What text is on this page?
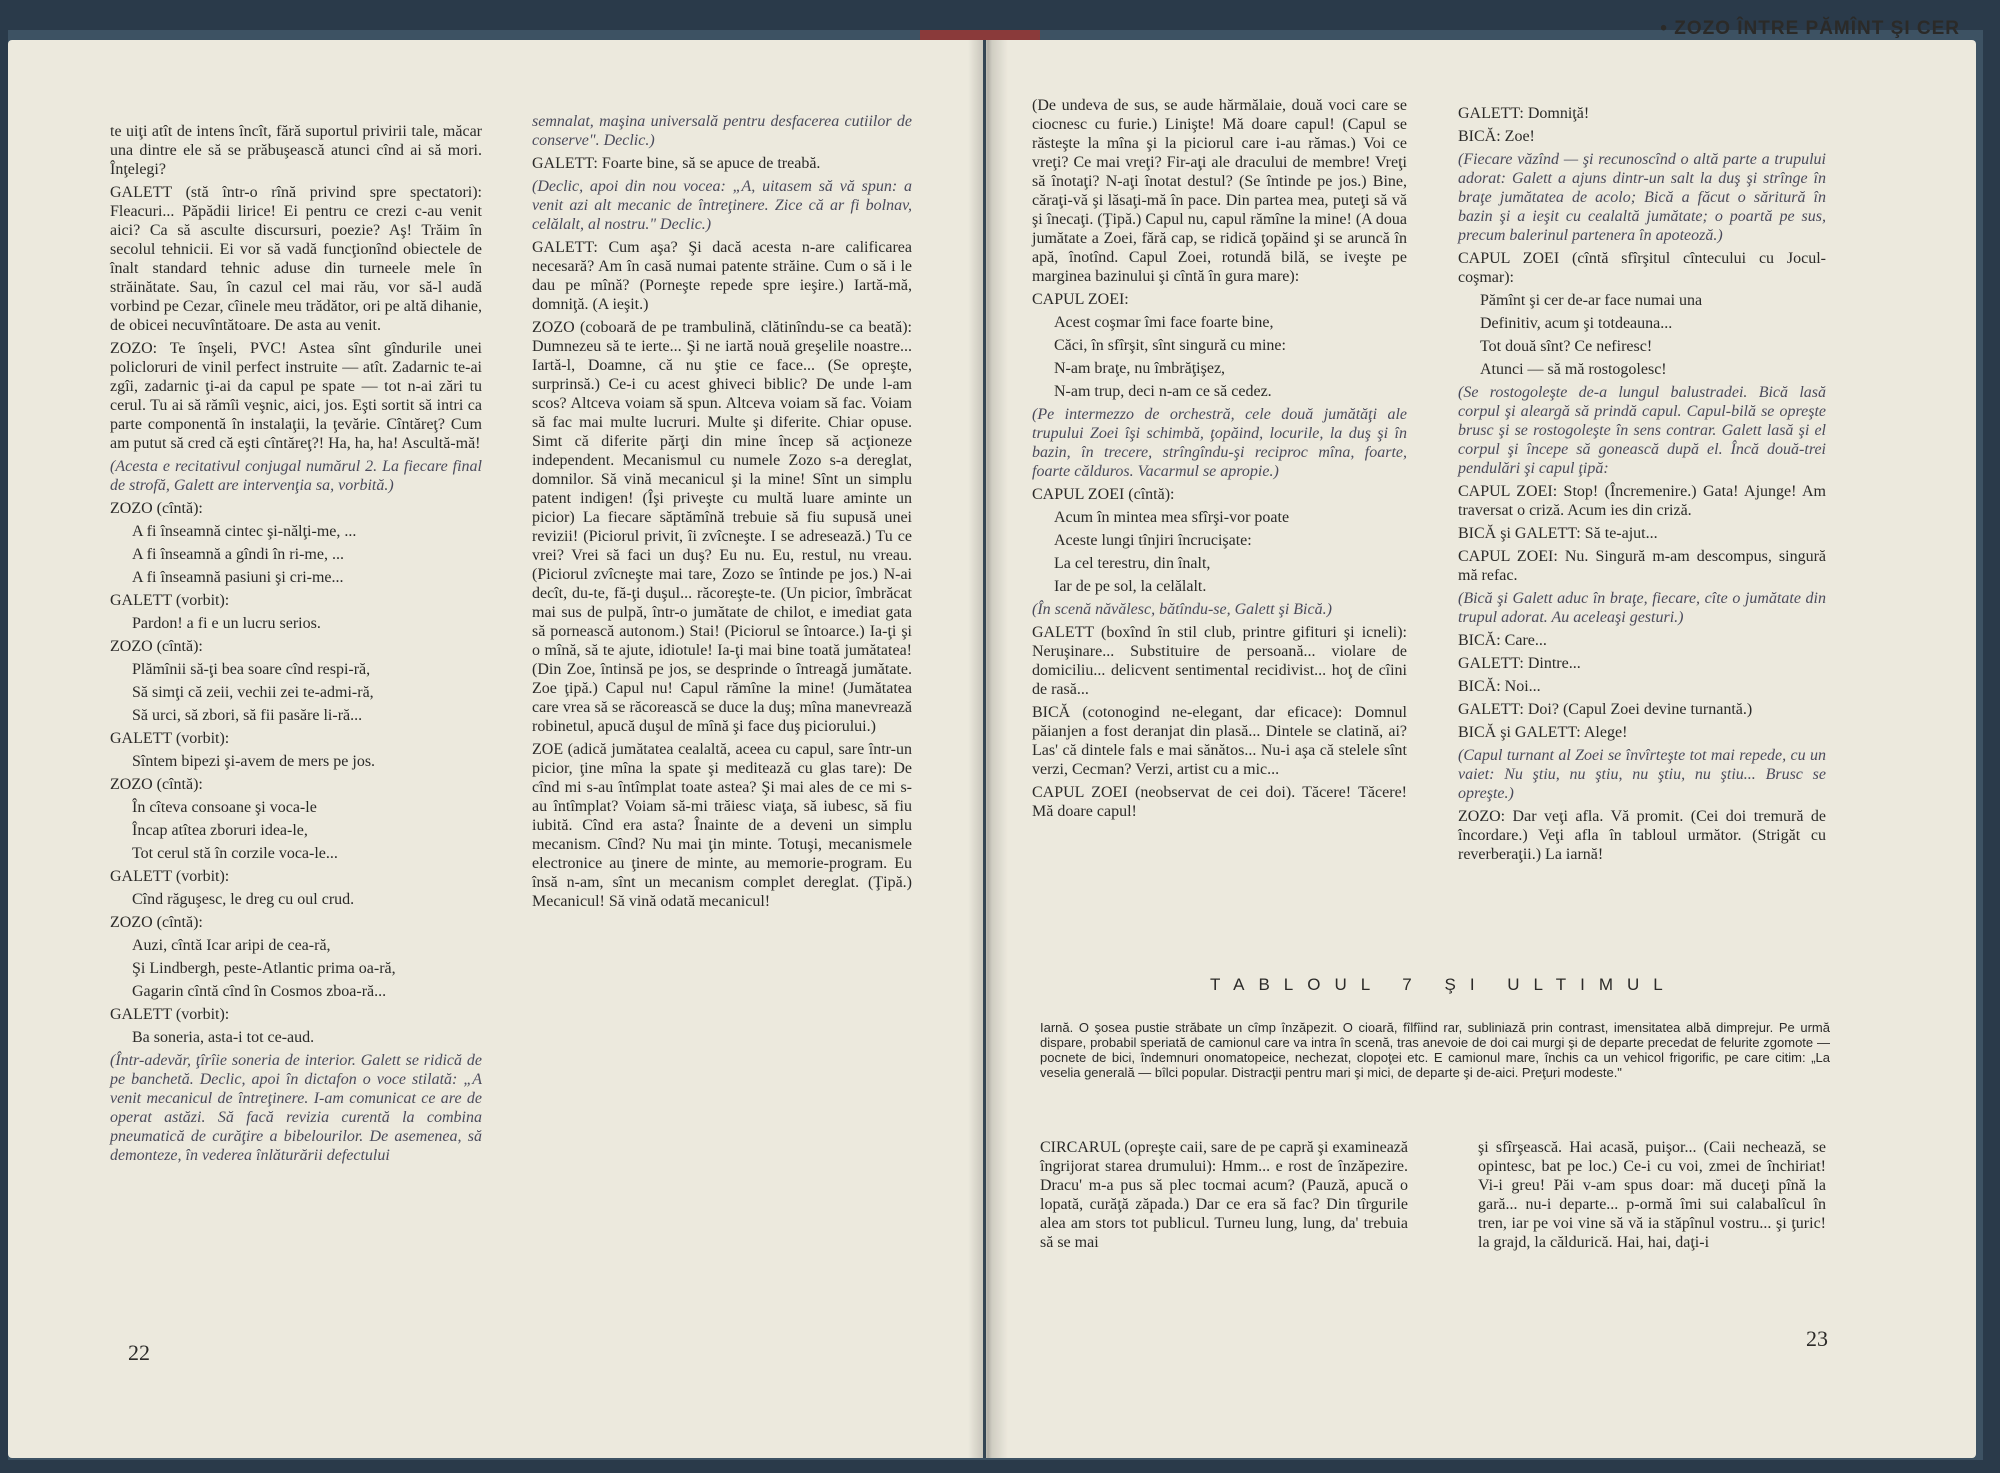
• ZOZO ÎNTRE PĂMÎNT ŞI CER

te uiţi atît de intens încît, fără suportul privirii tale, măcar una dintre ele să se prăbuşească atunci cînd ai să mori. Înţelegi?

GALETT (stă într-o rînă privind spre spectatori): Fleacuri... Păpădii lirice! Ei pentru ce crezi c-au venit aici? Ca să asculte discursuri, poezie? Aş! Trăim în secolul tehnicii. Ei vor să vadă funcţionînd obiectele de înalt standard tehnic aduse din turneele mele în străinătate. Sau, în cazul cel mai rău, vor să-l audă vorbind pe Cezar, cîinele meu trădător, ori pe altă dihanie, de obicei necuvîntătoare. De asta au venit.

ZOZO: Te înşeli, PVC! Astea sînt gîndurile unei policloruri de vinil perfect instruite — atît. Zadarnic te-ai zgîi, zadarnic ţi-ai da capul pe spate — tot n-ai zări tu cerul. Tu ai să rămîi veşnic, aici, jos. Eşti sortit să intri ca parte componentă în instalaţii, la ţevărie. Cîntăreţ? Cum am putut să cred că eşti cîntăreţ?! Ha, ha, ha! Ascultă-mă!

(Acesta e recitativul conjugal numărul 2. La fiecare final de strofă, Galett are intervenţia sa, vorbită.)

ZOZO (cîntă):

A fi înseamnă cintec şi-nălţi-me, ...

A fi înseamnă a gîndi în ri-me, ...

A fi înseamnă pasiuni şi cri-me...

GALETT (vorbit):

Pardon! a fi e un lucru serios.

ZOZO (cîntă):

Plămînii să-ţi bea soare cînd respi-ră,

Să simţi că zeii, vechii zei te-admi-ră,

Să urci, să zbori, să fii pasăre li-ră...

GALETT (vorbit):

Sîntem bipezi şi-avem de mers pe jos.

ZOZO (cîntă):

În cîteva consoane şi voca-le

Încap atîtea zboruri idea-le,

Tot cerul stă în corzile voca-le...

GALETT (vorbit):

Cînd răguşesc, le dreg cu oul crud.

ZOZO (cîntă):

Auzi, cîntă Icar aripi de cea-ră,

Şi Lindbergh, peste-Atlantic prima oa-ră,

Gagarin cîntă cînd în Cosmos zboa-ră...

GALETT (vorbit):

Ba soneria, asta-i tot ce-aud.

(Într-adevăr, ţîrîie soneria de interior. Galett se ridică de pe banchetă. Declic, apoi în dictafon o voce stilată: „A venit mecanicul de întreţinere. I-am comunicat ce are de operat astăzi. Să facă revizia curentă la combina pneumatică de curăţire a bibelourilor. De asemenea, să demonteze, în vederea înlăturării defectului

semnalat, maşina universală pentru desfacerea cutiilor de conserve". Declic.)

GALETT: Foarte bine, să se apuce de treabă.

(Declic, apoi din nou vocea: „A, uitasem să vă spun: a venit azi alt mecanic de întreţinere. Zice că ar fi bolnav, celălalt, al nostru." Declic.)

GALETT: Cum aşa? Şi dacă acesta n-are calificarea necesară? Am în casă numai patente străine. Cum o să i le dau pe mînă? (Porneşte repede spre ieşire.) Iartă-mă, domniţă. (A ieşit.)

ZOZO (coboară de pe trambulină, clătinîndu-se ca beată): Dumnezeu să te ierte... Şi ne iartă nouă greşelile noastre... Iartă-l, Doamne, că nu ştie ce face... (Se opreşte, surprinsă.) Ce-i cu acest ghiveci biblic? De unde l-am scos? Altceva voiam să spun. Altceva voiam să fac. Voiam să fac mai multe lucruri. Multe şi diferite. Chiar opuse. Simt că diferite părţi din mine încep să acţioneze independent. Mecanismul cu numele Zozo s-a dereglat, domnilor. Să vină mecanicul şi la mine! Sînt un simplu patent indigen! (Îşi priveşte cu multă luare aminte un picior) La fiecare săptămînă trebuie să fiu supusă unei revizii! (Piciorul privit, îi zvîcneşte. I se adresează.) Tu ce vrei? Vrei să faci un duş? Eu nu. Eu, restul, nu vreau. (Piciorul zvîcneşte mai tare, Zozo se întinde pe jos.) N-ai decît, du-te, fă-ţi duşul... răcoreşte-te. (Un picior, îmbrăcat mai sus de pulpă, într-o jumătate de chilot, e imediat gata să pornească autonom.) Stai! (Piciorul se întoarce.) Ia-ţi şi o mînă, să te ajute, idiotule! Ia-ţi mai bine toată jumătatea! (Din Zoe, întinsă pe jos, se desprinde o întreagă jumătate. Zoe ţipă.) Capul nu! Capul rămîne la mine! (Jumătatea care vrea să se răcorească se duce la duş; mîna manevrează robinetul, apucă duşul de mînă şi face duş piciorului.)

ZOE (adică jumătatea cealaltă, aceea cu capul, sare într-un picior, ţine mîna la spate şi meditează cu glas tare): De cînd mi s-au întîmplat toate astea? Şi mai ales de ce mi s-au întîmplat? Voiam să-mi trăiesc viaţa, să iubesc, să fiu iubită. Cînd era asta? Înainte de a deveni un simplu mecanism. Cînd? Nu mai ţin minte. Totuşi, mecanismele electronice au ţinere de minte, au memorie-program. Eu însă n-am, sînt un mecanism complet dereglat. (Ţipă.) Mecanicul! Să vină odată mecanicul!

(De undeva de sus, se aude hărmălaie, două voci care se ciocnesc cu furie.) Linişte! Mă doare capul! (Capul se răsteşte la mîna şi la piciorul care i-au rămas.) Voi ce vreţi? Ce mai vreţi? Fir-aţi ale dracului de membre! Vreţi să înotaţi? N-aţi înotat destul? (Se întinde pe jos.) Bine, căraţi-vă şi lăsaţi-mă în pace. Din partea mea, puteţi să vă şi înecaţi. (Ţipă.) Capul nu, capul rămîne la mine! (A doua jumătate a Zoei, fără cap, se ridică ţopăind şi se aruncă în apă, înotînd. Capul Zoei, rotundă bilă, se iveşte pe marginea bazinului şi cîntă în gura mare):

CAPUL ZOEI:

Acest coşmar îmi face foarte bine,

Căci, în sfîrşit, sînt singură cu mine:

N-am braţe, nu îmbrăţişez,

N-am trup, deci n-am ce să cedez.

(Pe intermezzo de orchestră, cele două jumătăţi ale trupului Zoei îşi schimbă, ţopăind, locurile, la duş şi în bazin, în trecere, strîngîndu-şi reciproc mîna, foarte, foarte călduros. Vacarmul se apropie.)

CAPUL ZOEI (cîntă):

Acum în mintea mea sfîrşi-vor poate

Aceste lungi tînjiri încrucişate:

La cel terestru, din înalt,

Iar de pe sol, la celălalt.

(În scenă năvălesc, bătîndu-se, Galett şi Bică.)

GALETT (boxînd în stil club, printre gifituri şi icneli): Neruşinare... Substituire de persoană... violare de domiciliu... delicvent sentimental recidivist... hoţ de cîini de rasă...

BICĂ (cotonogind ne-elegant, dar eficace): Domnul păianjen a fost deranjat din plasă... Dintele se clatină, ai? Las' că dintele fals e mai sănătos... Nu-i aşa că stelele sînt verzi, Cecman? Verzi, artist cu a mic...

CAPUL ZOEI (neobservat de cei doi). Tăcere! Tăcere! Mă doare capul!

GALETT: Domniţă!

BICĂ: Zoe!

(Fiecare văzînd — şi recunoscînd o altă parte a trupului adorat: Galett a ajuns dintr-un salt la duş şi strînge în braţe jumătatea de acolo; Bică a făcut o săritură în bazin şi a ieşit cu cealaltă jumătate; o poartă pe sus, precum balerinul partenera în apoteoză.)

CAPUL ZOEI (cîntă sfîrşitul cîntecului cu Jocul-coşmar):

Pămînt şi cer de-ar face numai una

Definitiv, acum şi totdeauna...

Tot două sînt? Ce nefiresc!

Atunci — să mă rostogolesc!

(Se rostogoleşte de-a lungul balustradei. Bică lasă corpul şi aleargă să prindă capul. Capul-bilă se opreşte brusc şi se rostogoleşte în sens contrar. Galett lasă şi el corpul şi începe să gonească după el. Încă două-trei pendulări şi capul ţipă:

CAPUL ZOEI: Stop! (Încremenire.) Gata! Ajunge! Am traversat o criză. Acum ies din criză.

BICĂ şi GALETT: Să te-ajut...

CAPUL ZOEI: Nu. Singură m-am descompus, singură mă refac.

(Bică şi Galett aduc în braţe, fiecare, cîte o jumătate din trupul adorat. Au aceleaşi gesturi.)

BICĂ: Care...

GALETT: Dintre...

BICĂ: Noi...

GALETT: Doi? (Capul Zoei devine turnantă.)

BICĂ şi GALETT: Alege!

(Capul turnant al Zoei se învîrteşte tot mai repede, cu un vaiet: Nu ştiu, nu ştiu, nu ştiu, nu ştiu... Brusc se opreşte.)

ZOZO: Dar veţi afla. Vă promit. (Cei doi tremură de încordare.) Veţi afla în tabloul următor. (Strigăt cu reverberaţii.) La iarnă!

TABLOUL 7 ŞI ULTIMUL
Iarnă. O şosea pustie străbate un cîmp înzăpezit. O cioară, fîlfîind rar, subliniază prin contrast, imensitatea albă dimprejur. Pe urmă dispare, probabil speriată de camionul care va intra în scenă, tras anevoie de doi cai murgi şi de departe precedat de felurite zgomote — pocnete de bici, îndemnuri onomatopeice, nechezat, clopoţei etc. E camionul mare, închis ca un vehicol frigorific, pe care citim: „La veselia generală — bîlci popular. Distracţii pentru mari şi mici, de departe şi de-aici. Preţuri modeste."

CIRCARUL (opreşte caii, sare de pe capră şi examinează îngrijorat starea drumului): Hmm... e rost de înzăpezire. Dracu' m-a pus să plec tocmai acum? (Pauză, apucă o lopată, curăţă zăpada.) Dar ce era să fac? Din tîrgurile alea am stors tot publicul. Turneu lung, lung, da' trebuia să se mai

şi sfîrşească. Hai acasă, puişor... (Caii nechează, se opintesc, bat pe loc.) Ce-i cu voi, zmei de închiriat! Vi-i greu! Păi v-am spus doar: mă duceţi pînă la gară... nu-i departe... p-ormă îmi sui calabalîcul în tren, iar pe voi vine să vă ia stăpînul vostru... şi ţuric! la grajd, la căldurică. Hai, hai, daţi-i

22
23
